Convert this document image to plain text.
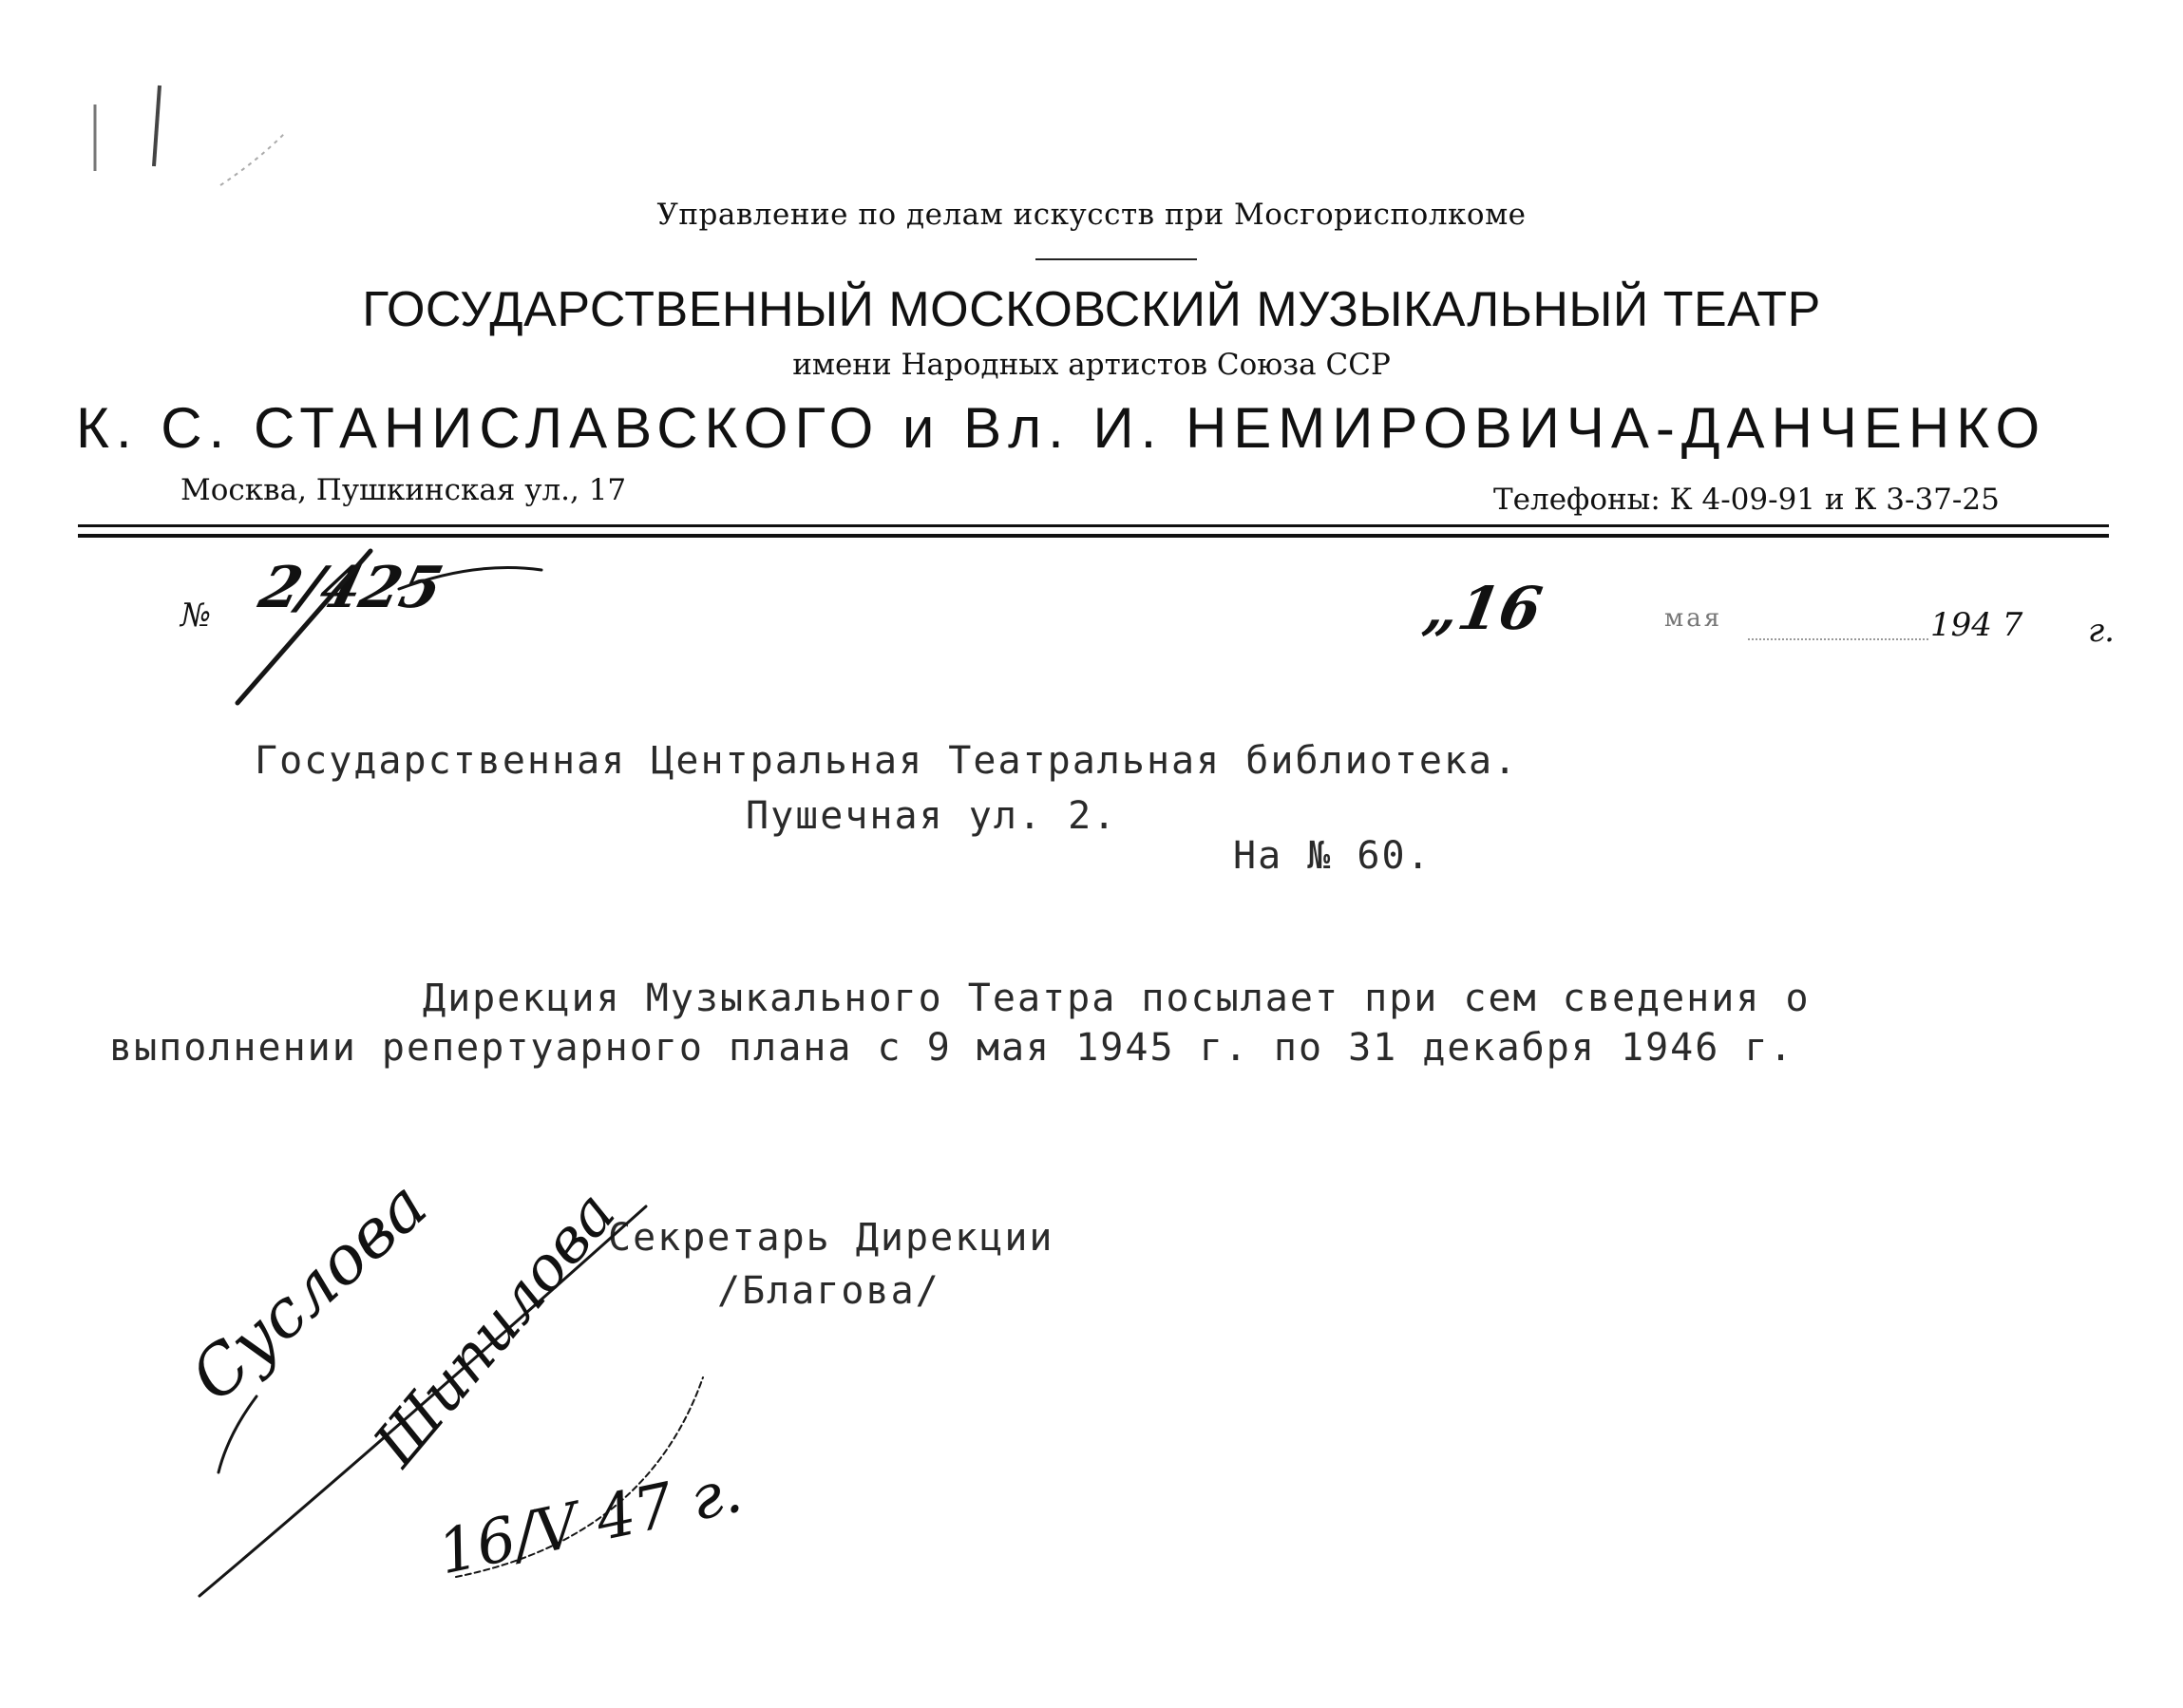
Управление по делам искусств при Мосгорисполкоме
ГОСУДАРСТВЕННЫЙ МОСКОВСКИЙ МУЗЫКАЛЬНЫЙ ТЕАТР
имени Народных артистов Союза ССР
К. С. СТАНИСЛАВСКОГО и Вл. И. НЕМИРОВИЧА-ДАНЧЕНКО
Москва, Пушкинская ул., 17	Телефоны: К 4-09-91 и К 3-37-25
№ 2/425	„16	мая	194 7 г.
Государственная Центральная Театральная библиотека.
Пушечная ул. 2.
На № 60.
Дирекция Музыкального Театра посылает при сем сведения о
выполнении репертуарного плана с 9 мая 1945 г. по 31 декабря 1946 г.
Секретарь Дирекции
/Благова/
Суслова
Шипилова
16/V 47 г.
